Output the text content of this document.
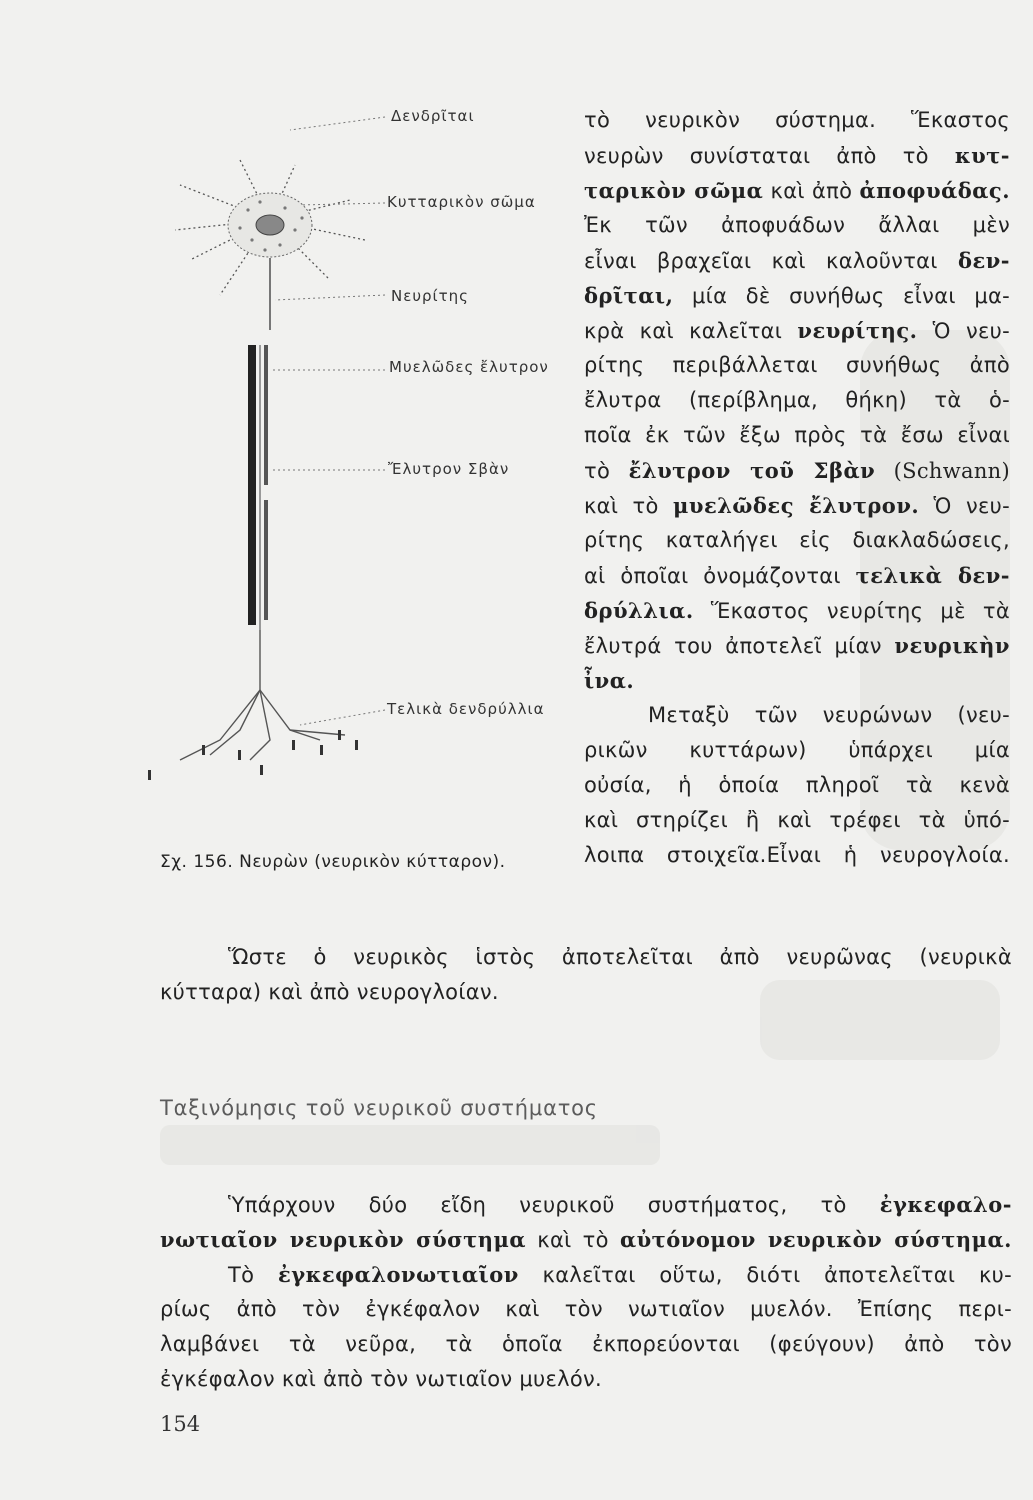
Δενδρῖται
Κυτταρικὸν σῶμα
Νευρίτης
Μυελῶδες ἔλυτρον
Ἔλυτρον Σβὰν
Τελικὰ δενδρύλλια
Σχ. 156. Νευρὼν (νευρικὸν κύτταρον).
τὸ νευρικὸν σύστημα. Ἕκαστος
νευρὼν συνίσταται ἀπὸ τὸ κυτ-
ταρικὸν σῶμα καὶ ἀπὸ ἀποφυάδας.
Ἐκ τῶν ἀποφυάδων ἄλλαι μὲν
εἶναι βραχεῖαι καὶ καλοῦνται δεν-
δρῖται, μία δὲ συνήθως εἶναι μα-
κρὰ καὶ καλεῖται νευρίτης. Ὁ νευ-
ρίτης περιβάλλεται συνήθως ἀπὸ
ἔλυτρα (περίβλημα, θήκη) τὰ ὁ-
ποῖα ἐκ τῶν ἔξω πρὸς τὰ ἔσω εἶναι
τὸ ἔλυτρον τοῦ Σβὰν (Schwann)
καὶ τὸ μυελῶδες ἔλυτρον. Ὁ νευ-
ρίτης καταλήγει εἰς διακλαδώσεις,
αἱ ὁποῖαι ὀνομάζονται τελικὰ δεν-
δρύλλια. Ἕκαστος νευρίτης μὲ τὰ
ἔλυτρά του ἀποτελεῖ μίαν νευρικὴν
ἶνα.
Μεταξὺ τῶν νευρώνων (νευ-
ρικῶν κυττάρων) ὑπάρχει μία
οὐσία, ἡ ὁποία πληροῖ τὰ κενὰ
καὶ στηρίζει ἢ καὶ τρέφει τὰ ὑπό-
λοιπα στοιχεῖα.Εἶναι ἡ νευρογλοία.
Ὥστε ὁ νευρικὸς ἱστὸς ἀποτελεῖται ἀπὸ νευρῶνας (νευρικὰ
κύτταρα) καὶ ἀπὸ νευρογλοίαν.
Ταξινόμησις τοῦ νευρικοῦ συστήματος
Ὑπάρχουν δύο εἴδη νευρικοῦ συστήματος, τὸ ἐγκεφαλο-
νωτιαῖον νευρικὸν σύστημα καὶ τὸ αὐτόνομον νευρικὸν σύστημα.
Τὸ ἐγκεφαλονωτιαῖον καλεῖται οὕτω, διότι ἀποτελεῖται κυ-
ρίως ἀπὸ τὸν ἐγκέφαλον καὶ τὸν νωτιαῖον μυελόν. Ἐπίσης περι-
λαμβάνει τὰ νεῦρα, τὰ ὁποῖα ἐκπορεύονται (φεύγουν) ἀπὸ τὸν
ἐγκέφαλον καὶ ἀπὸ τὸν νωτιαῖον μυελόν.
154
